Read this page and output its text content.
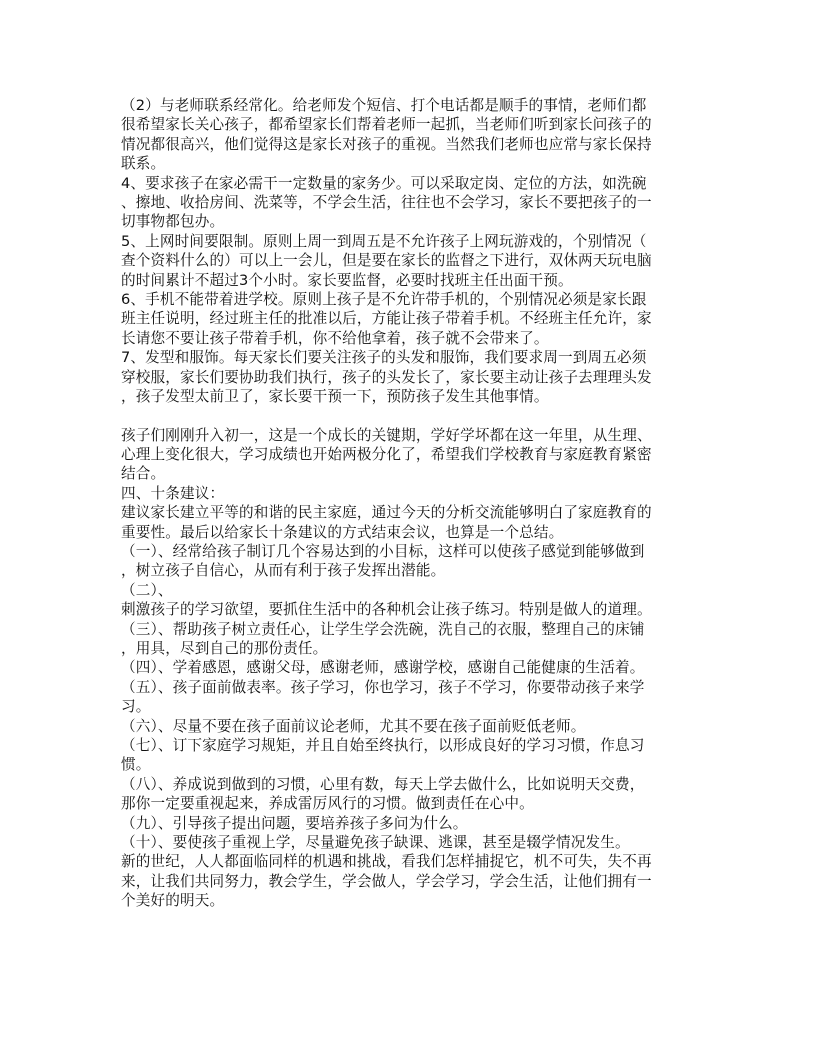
（2）与老师联系经常化。给老师发个短信、打个电话都是顺手的事情，老师们都
很希望家长关心孩子，都希望家长们帮着老师一起抓，当老师们听到家长问孩子的
情况都很高兴，他们觉得这是家长对孩子的重视。当然我们老师也应常与家长保持
联系。
4、要求孩子在家必需干一定数量的家务少。可以采取定岗、定位的方法，如洗碗
、擦地、收拾房间、洗菜等，不学会生活，往往也不会学习，家长不要把孩子的一
切事物都包办。
5、上网时间要限制。原则上周一到周五是不允许孩子上网玩游戏的，个别情况（
查个资料什么的）可以上一会儿，但是要在家长的监督之下进行，双休两天玩电脑
的时间累计不超过3个小时。家长要监督，必要时找班主任出面干预。
6、手机不能带着进学校。原则上孩子是不允许带手机的，个别情况必须是家长跟
班主任说明，经过班主任的批准以后，方能让孩子带着手机。不经班主任允许，家
长请您不要让孩子带着手机，你不给他拿着，孩子就不会带来了。
7、发型和服饰。每天家长们要关注孩子的头发和服饰，我们要求周一到周五必须
穿校服，家长们要协助我们执行，孩子的头发长了，家长要主动让孩子去理理头发
，孩子发型太前卫了，家长要干预一下，预防孩子发生其他事情。
孩子们刚刚升入初一，这是一个成长的关键期，学好学坏都在这一年里，从生理、
心理上变化很大，学习成绩也开始两极分化了，希望我们学校教育与家庭教育紧密
结合。
四、十条建议：
建议家长建立平等的和谐的民主家庭，通过今天的分析交流能够明白了家庭教育的
重要性。最后以给家长十条建议的方式结束会议，也算是一个总结。
（一）、经常给孩子制订几个容易达到的小目标，这样可以使孩子感觉到能够做到
，树立孩子自信心，从而有利于孩子发挥出潜能。
（二）、
刺激孩子的学习欲望，要抓住生活中的各种机会让孩子练习。特别是做人的道理。
（三）、帮助孩子树立责任心，让学生学会洗碗，洗自己的衣服，整理自己的床铺
，用具，尽到自己的那份责任。
（四）、学着感恩，感谢父母，感谢老师，感谢学校，感谢自己能健康的生活着。
（五）、孩子面前做表率。孩子学习，你也学习，孩子不学习，你要带动孩子来学
习。
（六）、尽量不要在孩子面前议论老师，尤其不要在孩子面前贬低老师。
（七）、订下家庭学习规矩，并且自始至终执行，以形成良好的学习习惯，作息习
惯。
（八）、养成说到做到的习惯，心里有数，每天上学去做什么，比如说明天交费，
那你一定要重视起来，养成雷厉风行的习惯。做到责任在心中。
（九）、引导孩子提出问题，要培养孩子多问为什么。
（十）、要使孩子重视上学，尽量避免孩子缺课、逃课，甚至是辍学情况发生。
新的世纪，人人都面临同样的机遇和挑战，看我们怎样捕捉它，机不可失，失不再
来，让我们共同努力，教会学生，学会做人，学会学习，学会生活，让他们拥有一
个美好的明天。
